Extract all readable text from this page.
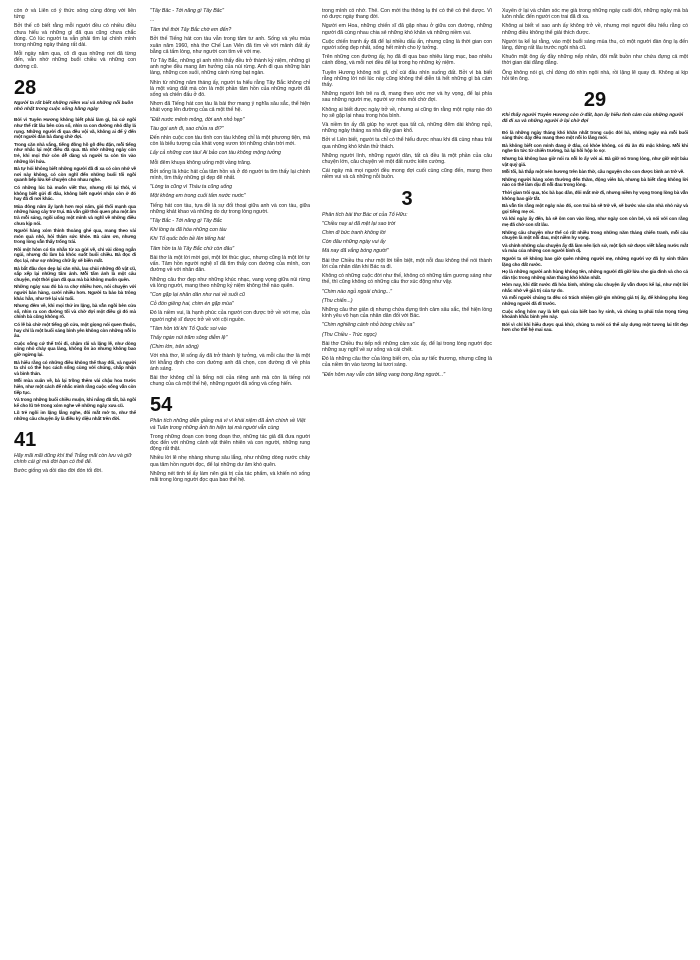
còn ở và Liên có ý thức sống cùng đồng với liên tứng

Bởi thế cô biết rằng mỗi người đều có nhiều điều chưa hiểu và những gì đã qua cũng chưa chắc đúng. Có lúc người ta vẫn phải tìm lại chính mình trong những ngày tháng rất dài.

Mỗi ngày năm qua, cô đi qua những nơi đã từng đến, vẫn nhớ những buổi chiều và những con đường cũ.

28

Người ta rất biết những niềm vui và những nỗi buồn nhỏ nhặt trong cuộc sống hằng ngày

Bởi vì Tuyên Hương không biết phải làm gì, bà cứ ngồi như thế rất lâu bên cửa sổ, nhìn ra con đường nhỏ đầy lá rụng. Những người đi qua đều vội vã, không ai để ý đến một người đàn bà đang chờ đợi.

Trong căn nhà vắng, tiếng đồng hồ gõ đều đặn, mỗi tiếng như nhắc lại một điều đã qua. Bà nhớ những ngày còn trẻ, khi mọi thứ còn dễ dàng và người ta còn tin vào những lời hứa.

Bà tự hỏi không biết những người đã đi xa có còn nhớ về nơi này không, có còn nghĩ đến những buổi tối ngồi quanh bếp lửa kể chuyện cho nhau nghe.

Có những lúc bà muốn viết thư, nhưng rồi lại thôi, vì không biết gửi đi đâu, không biết người nhận còn ở đó hay đã đi nơi khác.

Mùa đông năm ấy lạnh hơn mọi năm, gió thổi mạnh qua những hàng cây trơ trụi. Bà vẫn giữ thói quen pha một ấm trà mỗi sáng, ngồi uống một mình và nghĩ về những điều chưa kịp nói.

Người hàng xóm thỉnh thoảng ghé qua, mang theo vài món quà nhỏ, hỏi thăm sức khỏe. Bà cảm ơn, nhưng trong lòng vẫn thấy trống trải.

Rồi một hôm có tin nhắn từ xa gửi về, chỉ vài dòng ngắn ngủi, nhưng đủ làm bà khóc suốt buổi chiều. Bà đọc đi đọc lại, như sợ những chữ ấy sẽ biến mất.

Bà bắt đầu dọn dẹp lại căn nhà, lau chùi những đồ vật cũ, sắp xếp lại những tấm ảnh. Mỗi tấm ảnh là một câu chuyện, một thời gian đã qua mà bà không muốn quên.

Những ngày sau đó bà ra chợ nhiều hơn, nói chuyện với người bán hàng, cười nhiều hơn. Người ta bảo bà trông khác hẳn, như trẻ lại vài tuổi.

Nhưng đêm về, khi mọi thứ im lặng, bà vẫn ngồi bên cửa sổ, nhìn ra con đường tối và chờ đợi một điều gì đó mà chính bà cũng không rõ.

Có lẽ bà chờ một tiếng gõ cửa, một giọng nói quen thuộc, hay chỉ là một buổi sáng bình yên không còn những nỗi lo âu.

Cuộc sống cứ thế trôi đi, chậm rãi và lặng lẽ, như dòng sông nhỏ chảy qua làng, không ồn ào nhưng không bao giờ ngừng lại.

Bà hiểu rằng có những điều không thể thay đổi, và người ta chỉ có thể học cách sống cùng với chúng, chấp nhận và bình thản.

Mỗi mùa xuân về, bà lại trồng thêm vài chậu hoa trước hiên, như một cách để nhắc mình rằng cuộc sống vẫn còn tiếp tục.

Và trong những buổi chiều muộn, khi nắng đã tắt, bà ngồi kể cho lũ trẻ trong xóm nghe về những ngày xưa cũ.

Lũ trẻ ngồi im lặng lắng nghe, đôi mắt mở to, như thể những câu chuyện ấy là điều kỳ diệu nhất trên đời.

41

Hãy mãi mãi dũng khí thể Trắng mãi còn lưu và giữ chính cái gì mà đời bạn có thể để.

Bước giống và dồi dào đời đón tối đời.

"Tây Bắc - Tới năng gì Tây Bắc"

...

Tâm thế thời Tây Bắc chờ em đến?

Bởi thế Tiếng hát con tàu vẫn trong tâm tư anh. Sống và yêu mùa xuân năm 1960, nhà thơ Chế Lan Viên đã tìm về với mảnh đất ấy bằng cả tấm lòng, như người con tìm về với mẹ.

Từ Tây Bắc, những gì anh nhìn thấy đều trở thành kỷ niệm, những gì anh nghe đều mang âm hưởng của núi rừng. Anh đi qua những bản làng, những con suối, những cánh rừng bạt ngàn.

Nhìn từ những năm tháng ấy, người ta hiểu rằng Tây Bắc không chỉ là một vùng đất mà còn là một phần tâm hồn của những người đã sống và chiến đấu ở đó.

Nhơn đã Tiếng hát con tàu là bài thơ mang ý nghĩa sâu sắc, thể hiện khát vọng lên đường của cả một thế hệ.

"Đất nước mênh mông, đời anh nhỏ hẹp"

Tàu gọi anh đi, sao chửa ra đi?"

Đến nhìn cuộc con tàu tình con tàu không chỉ là một phương tiện, mà còn là biểu tượng của khát vọng vươn tới những chân trời mới.

Lấy cả những con tàu! Ai bảo con tàu không mộng tưởng

Mỗi đêm khuya không uống một vầng trăng.

Bởi sống là khúc hát của tâm hồn và ở đó người ta tìm thấy lại chính mình, tìm thấy những gì đẹp đẽ nhất.

"Lòng ta cũng vì Tháu ta cũng uống

Một không em trong cuối tấm nước nước"

Tiếng hát con tàu, tựa đề là sự đối thoại giữa anh và con tàu, giữa những khát khao và những do dự trong lòng người.

"Tây Bắc - Tới năng gì Tây Bắc

Khi lòng ta đã hóa những con tàu

Khi Tổ quốc bốn bề lên tiếng hát

Tâm hồn ta là Tây Bắc chứ còn đâu"

Bài thơ là một lời mời gọi, một lời thúc giục, nhưng cũng là một lời tự vấn. Tâm hồn người nghệ sĩ đã tìm thấy con đường của mình, con đường về với nhân dân.

Những câu thơ đẹp như những khúc nhạc, vang vọng giữa núi rừng và lòng người, mang theo những kỷ niệm không thể nào quên.

"Con gặp lại nhân dân như nai về suối cũ

Cỏ đón giêng hai, chim én gặp mùa"

Đó là niềm vui, là hạnh phúc của người con được trở về với mẹ, của người nghệ sĩ được trở về với cội nguồn.

"Tâm hồn tôi khi Tổ Quốc soi vào

Thấy ngàn núi trăm sông diễm lệ"

(Chim lớn, trên sông)

Với nhà thơ, lẽ sống ấy đã trở thành lý tưởng, và mỗi câu thơ là một lời khẳng định cho con đường anh đã chọn, con đường đi về phía ánh sáng.

Bài thơ không chỉ là tiếng nói của riêng anh mà còn là tiếng nói chung của cả một thế hệ, những người đã sống và cống hiến.

54

Phân tích những diễn giảng mà vì vì khái niệm đã ảnh chính về Việt và Tuân trong những ảnh tin hiện tại mà người vẫn cùng

Trong những đoạn con trong đoạn thơ, những tác giả đã đưa người đọc đến với những cảnh vật thiên nhiên và con người, những rung động rất thật.

Nhiều lời lẽ nhẹ nhàng nhưng sâu lắng, như những dòng nước chảy qua tâm hồn người đọc, để lại những dư âm khó quên.

Những nét tinh tế ấy làm nên giá trị của tác phẩm, và khiến nó sống mãi trong lòng người đọc qua bao thế hệ.

trong mình có nhớ. Thế. Con mới thu thông lạ thì có thể có thể được. Vì nó được ngày thang đời.

Người em Hoa, những chiến sĩ đã gặp nhau ở giữa con đường, những người đã cùng nhau chia sẻ những khó khăn và những niềm vui.

Cuộc chiến tranh ấy đã để lại nhiều dấu ấn, nhưng cũng là thời gian con người sống đẹp nhất, sống hết mình cho lý tưởng.

Trên những con đường ấy, họ đã đi qua bao nhiêu làng mạc, bao nhiêu cánh đồng, và mỗi nơi đều để lại trong họ những kỷ niệm.

Tuyên Hương không nói gì, chỉ cúi đầu nhìn xuống đất. Bởi vì bà biết rằng những lời nói lúc này cũng không thể diễn tả hết những gì bà cảm thấy.

Những người lính trẻ ra đi, mang theo ước mơ và hy vọng, để lại phía sau những người mẹ, người vợ mòn mỏi chờ đợi.

Không ai biết được ngày trở về, nhưng ai cũng tin rằng một ngày nào đó họ sẽ gặp lại nhau trong hòa bình.

Và niềm tin ấy đã giúp họ vượt qua tất cả, những đêm dài không ngủ, những ngày tháng xa nhà đầy gian khổ.

Bởi vì Liên biết, người ta chỉ có thể hiểu được nhau khi đã cùng nhau trải qua những khó khăn thử thách.

Những người lính, những người dân, tất cả đều là một phần của câu chuyện lớn, câu chuyện về một đất nước kiên cường.

Cái ngày mà mọi người đều mong đợi cuối cùng cũng đến, mang theo niềm vui và cả những nỗi buồn.

3

Phân tích bài thơ Bác ơi của Tố Hữu:

"Chiều nay ai đã mệt lại sao trời

Chim đi bức tranh không lời

Còn đâu những ngày vui ấy

Mà nay đã vắng bóng người"

Bài thơ Chiều thu như một lời tiễn biệt, một nỗi đau không thể nói thành lời của nhân dân khi Bác ra đi.

Không có những cuộc đời như thế, không có những tấm gương sáng như thế, thì cũng không có những câu thơ xúc động như vậy.

"Chim nào ngủ ngoài chúng..."

(Thu chiến...)

Những câu thơ giản dị nhưng chứa đựng tình cảm sâu sắc, thể hiện lòng kính yêu vô hạn của nhân dân đối với Bác.

"Chim nghiêng cánh nhỏ bóng chiều sa"

(Thu Chiều - Trúc ngọc)

Bài thơ Chiều thu tiếp nối những cảm xúc ấy, để lại trong lòng người đọc những suy nghĩ về sự sống và cái chết.

Đó là những câu thơ của lòng biết ơn, của sự tiếc thương, nhưng cũng là của niềm tin vào tương lai tươi sáng.

"Đến hôm nay vẫn còn tiếng vang trong lòng người..."

Xuyến ở lại và chăm sóc mẹ già trong những ngày cuối đời, những ngày mà bà luôn nhắc đến người con trai đã đi xa.

Không ai biết vì sao anh ấy không trở về, nhưng mọi người đều hiểu rằng có những điều không thể giải thích được.

Người ta kể lại rằng, vào một buổi sáng mùa thu, có một người đàn ông lạ đến làng, đứng rất lâu trước ngôi nhà cũ.

Khuôn mặt ông ấy đầy những nếp nhăn, đôi mắt buồn như chứa đựng cả một thời gian dài đằng đẵng.

Ông không nói gì, chỉ đứng đó nhìn ngôi nhà, rồi lặng lẽ quay đi. Không ai kịp hỏi tên ông.

29

Khi thấy người Tuyên Hương còn ở đất, bạn ấy hiểu tình cảm của những người đã đi xa và những người ở lại chờ đợi

Đó là những ngày tháng khó khăn nhất trong cuộc đời bà, những ngày mà mỗi buổi sáng thức dậy đều mang theo một nỗi lo lắng mới.

Bà không biết con mình đang ở đâu, có khỏe không, có đủ ăn đủ mặc không. Mỗi khi nghe tin tức từ chiến trường, bà lại hồi hộp lo sợ.

Nhưng bà không bao giờ nói ra nỗi lo ấy với ai. Bà giữ nó trong lòng, như giữ một báu vật quý giá.

Mỗi tối, bà thắp một nén hương trên bàn thờ, cầu nguyện cho con được bình an trở về.

Những người hàng xóm thường đến thăm, động viên bà, nhưng bà biết rằng không lời nào có thể làm dịu đi nỗi đau trong lòng.

Thời gian trôi qua, tóc bà bạc dần, đôi mắt mờ đi, nhưng niềm hy vọng trong lòng bà vẫn không bao giờ tắt.

Bà vẫn tin rằng một ngày nào đó, con trai bà sẽ trở về, sẽ bước vào căn nhà nhỏ này và gọi tiếng mẹ ơi.

Và khi ngày ấy đến, bà sẽ ôm con vào lòng, như ngày con còn bé, và nói với con rằng mẹ đã chờ con rất lâu.

Những câu chuyện như thế có rất nhiều trong những năm tháng chiến tranh, mỗi câu chuyện là một nỗi đau, một niềm hy vọng.

Và chính những câu chuyện ấy đã làm nên lịch sử, một lịch sử được viết bằng nước mắt và máu của những con người bình dị.

Người ta sẽ không bao giờ quên những người mẹ, những người vợ đã hy sinh thầm lặng cho đất nước.

Họ là những người anh hùng không tên, những người đã giữ lửa cho gia đình và cho cả dân tộc trong những năm tháng khó khăn nhất.

Hôm nay, khi đất nước đã hòa bình, những câu chuyện ấy vẫn được kể lại, như một lời nhắc nhở về giá trị của tự do.

Và mỗi người chúng ta đều có trách nhiệm giữ gìn những giá trị ấy, để không phụ lòng những người đã đi trước.

Cuộc sống hôm nay là kết quả của biết bao hy sinh, và chúng ta phải trân trọng từng khoảnh khắc bình yên này.

Bởi vì chỉ khi hiểu được quá khứ, chúng ta mới có thể xây dựng một tương lai tốt đẹp hơn cho thế hệ mai sau.
